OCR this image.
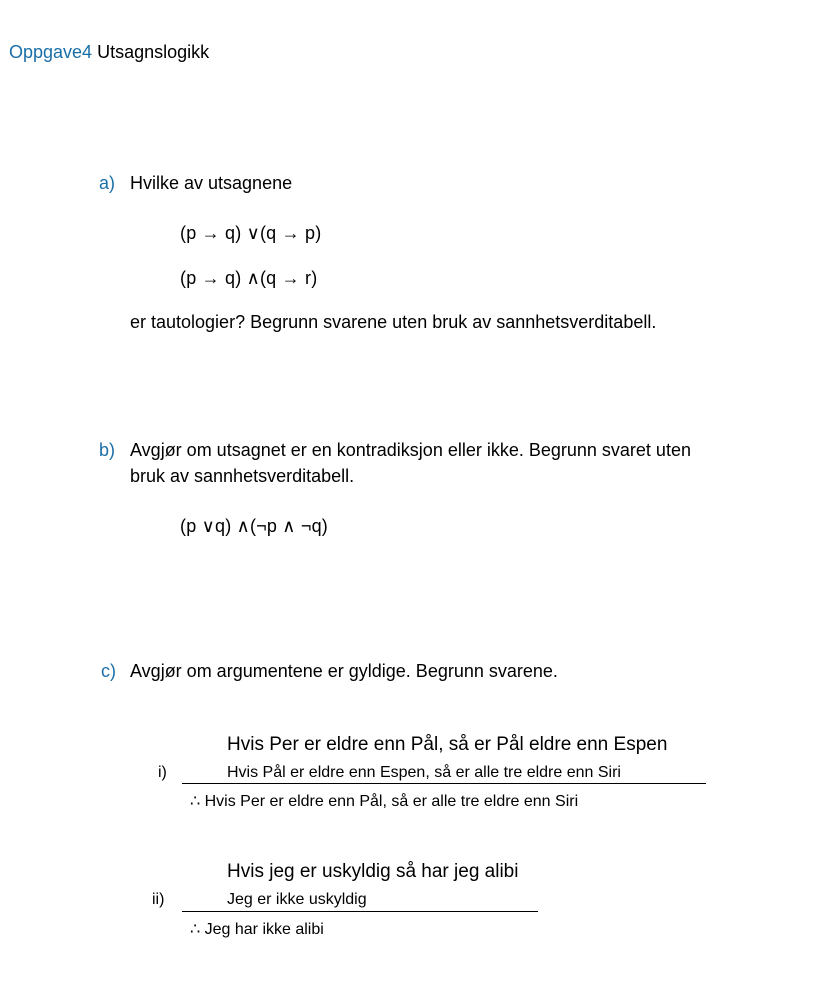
Oppgave4 Utsagnslogikk
a) Hvilke av utsagnene
(p → q) ∨(q → p)
(p → q) ∧(q → r)
er tautologier? Begrunn svarene uten bruk av sannhetsverditabell.
b) Avgjør om utsagnet er en kontradiksjon eller ikke. Begrunn svaret uten
bruk av sannhetsverditabell.
(p ∨q) ∧(¬p ∧ ¬q)
c) Avgjør om argumentene er gyldige. Begrunn svarene.
Hvis Per er eldre enn Pål, så er Pål eldre enn Espen
i)	Hvis Pål er eldre enn Espen, så er alle tre eldre enn Siri
∴ Hvis Per er eldre enn Pål, så er alle tre eldre enn Siri
Hvis jeg er uskyldig så har jeg alibi
ii)	Jeg er ikke uskyldig
∴ Jeg har ikke alibi
